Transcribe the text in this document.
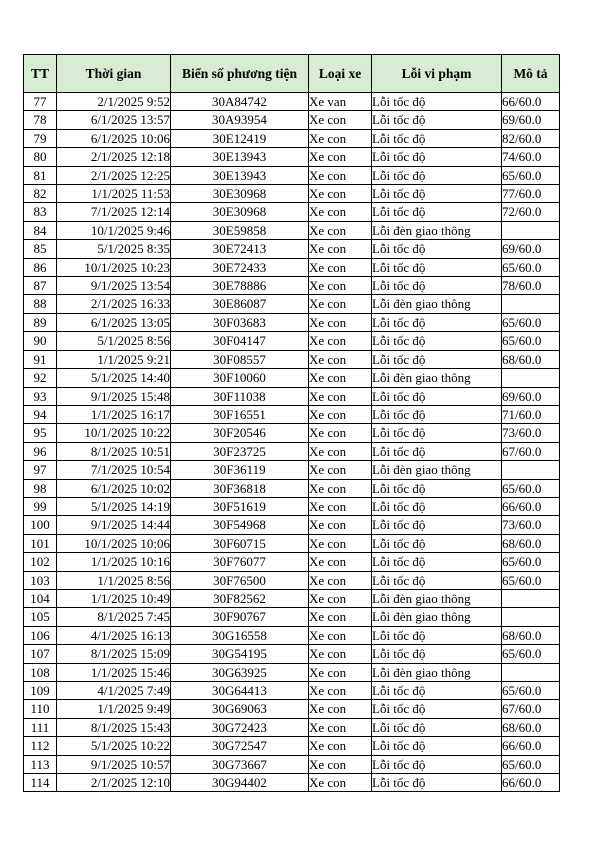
TT	Thời gian	Biển số phương tiện	Loại xe	Lỗi vi phạm	Mô tả
77	2/1/2025 9:52	30A84742	Xe van	Lỗi tốc độ	66/60.0
78	6/1/2025 13:57	30A93954	Xe con	Lỗi tốc độ	69/60.0
79	6/1/2025 10:06	30E12419	Xe con	Lỗi tốc độ	82/60.0
80	2/1/2025 12:18	30E13943	Xe con	Lỗi tốc độ	74/60.0
81	2/1/2025 12:25	30E13943	Xe con	Lỗi tốc độ	65/60.0
82	1/1/2025 11:53	30E30968	Xe con	Lỗi tốc độ	77/60.0
83	7/1/2025 12:14	30E30968	Xe con	Lỗi tốc độ	72/60.0
84	10/1/2025 9:46	30E59858	Xe con	Lỗi đèn giao thông	
85	5/1/2025 8:35	30E72413	Xe con	Lỗi tốc độ	69/60.0
86	10/1/2025 10:23	30E72433	Xe con	Lỗi tốc độ	65/60.0
87	9/1/2025 13:54	30E78886	Xe con	Lỗi tốc độ	78/60.0
88	2/1/2025 16:33	30E86087	Xe con	Lỗi đèn giao thông	
89	6/1/2025 13:05	30F03683	Xe con	Lỗi tốc độ	65/60.0
90	5/1/2025 8:56	30F04147	Xe con	Lỗi tốc độ	65/60.0
91	1/1/2025 9:21	30F08557	Xe con	Lỗi tốc độ	68/60.0
92	5/1/2025 14:40	30F10060	Xe con	Lỗi đèn giao thông	
93	9/1/2025 15:48	30F11038	Xe con	Lỗi tốc độ	69/60.0
94	1/1/2025 16:17	30F16551	Xe con	Lỗi tốc độ	71/60.0
95	10/1/2025 10:22	30F20546	Xe con	Lỗi tốc độ	73/60.0
96	8/1/2025 10:51	30F23725	Xe con	Lỗi tốc độ	67/60.0
97	7/1/2025 10:54	30F36119	Xe con	Lỗi đèn giao thông	
98	6/1/2025 10:02	30F36818	Xe con	Lỗi tốc độ	65/60.0
99	5/1/2025 14:19	30F51619	Xe con	Lỗi tốc độ	66/60.0
100	9/1/2025 14:44	30F54968	Xe con	Lỗi tốc độ	73/60.0
101	10/1/2025 10:06	30F60715	Xe con	Lỗi tốc độ	68/60.0
102	1/1/2025 10:16	30F76077	Xe con	Lỗi tốc độ	65/60.0
103	1/1/2025 8:56	30F76500	Xe con	Lỗi tốc độ	65/60.0
104	1/1/2025 10:49	30F82562	Xe con	Lỗi đèn giao thông	
105	8/1/2025 7:45	30F90767	Xe con	Lỗi đèn giao thông	
106	4/1/2025 16:13	30G16558	Xe con	Lỗi tốc độ	68/60.0
107	8/1/2025 15:09	30G54195	Xe con	Lỗi tốc độ	65/60.0
108	1/1/2025 15:46	30G63925	Xe con	Lỗi đèn giao thông	
109	4/1/2025 7:49	30G64413	Xe con	Lỗi tốc độ	65/60.0
110	1/1/2025 9:49	30G69063	Xe con	Lỗi tốc độ	67/60.0
111	8/1/2025 15:43	30G72423	Xe con	Lỗi tốc độ	68/60.0
112	5/1/2025 10:22	30G72547	Xe con	Lỗi tốc độ	66/60.0
113	9/1/2025 10:57	30G73667	Xe con	Lỗi tốc độ	65/60.0
114	2/1/2025 12:10	30G94402	Xe con	Lỗi tốc độ	66/60.0
